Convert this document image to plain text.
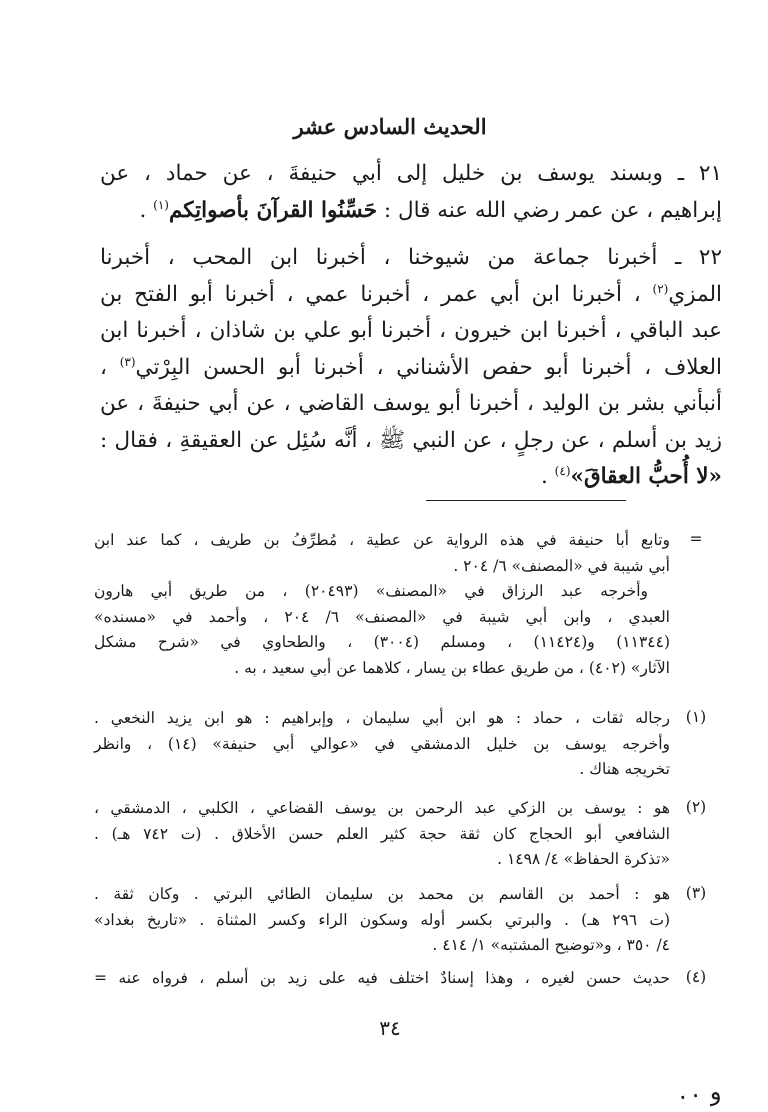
الحديث السادس عشر
٢١ ـ وبسند يوسف بن خليل إلى أبي حنيفةَ ، عن حماد ، عن
إبراهيم ، عن عمر رضي الله عنه قال : حَسِّنُوا القرآنَ بأصواتِكم$^{(١)}$ .
٢٢ ـ أخبرنا جماعة من شيوخنا ، أخبرنا ابن المحب ، أخبرنا
المزي$^{(٢)}$ ، أخبرنا ابن أبي عمر ، أخبرنا عمي ، أخبرنا أبو الفتح بن
عبد الباقي ، أخبرنا ابن خيرون ، أخبرنا أبو علي بن شاذان ، أخبرنا ابن
العلاف ، أخبرنا أبو حفص الأشناني ، أخبرنا أبو الحسن البِرْتي$^{(٣)}$ ،
أنبأني بشر بن الوليد ، أخبرنا أبو يوسف القاضي ، عن أبي حنيفةَ ، عن
زيد بن أسلم ، عن رجلٍ ، عن النبي ﷺ ، أنَّه سُئِل عن العقيقةِ ، فقال :
«لا أُحبُّ العقاقَ»$^{(٤)}$ .
=
وتابع أبا حنيفة في هذه الرواية عن عطية ، مُطرِّفُ بن طريف ، كما عند ابن
أبي شيبة في «المصنف» ٦/ ٢٠٤ .
وأخرجه عبد الرزاق في «المصنف» (٢٠٤٩٣) ، من طريق أبي هارون
العبدي ، وابن أبي شيبة في «المصنف» ٦/ ٢٠٤ ، وأحمد في «مسنده»
(١١٣٤٤) و(١١٤٢٤) ، ومسلم (٣٠٠٤) ، والطحاوي في «شرح مشكل
الآثار» (٤٠٢) ، من طريق عطاء بن يسار ، كلاهما عن أبي سعيد ، به .
(١)
رجاله ثقات ، حماد : هو ابن أبي سليمان ، وإبراهيم : هو ابن يزيد النخعي .
وأخرجه يوسف بن خليل الدمشقي في «عوالي أبي حنيفة» (١٤) ، وانظر
تخريجه هناك .
(٢)
هو : يوسف بن الزكي عبد الرحمن بن يوسف القضاعي ، الكلبي ، الدمشقي ،
الشافعي أبو الحجاج كان ثقة حجة كثير العلم حسن الأخلاق . (ت ٧٤٢ هـ) .
«تذكرة الحفاظ» ٤/ ١٤٩٨ .
(٣)
هو : أحمد بن القاسم بن محمد بن سليمان الطائي البرتي . وكان ثقة .
(ت ٢٩٦ هـ) . والبرتي بكسر أوله وسكون الراء وكسر المثناة . «تاريخ بغداد»
٤/ ٣٥٠ ، و«توضيح المشتبه» ١/ ٤١٤ .
(٤)
حديث حسن لغيره ، وهذا إسنادٌ اختلف فيه على زيد بن أسلم ، فرواه عنه =
٣٤
و ٠٠
